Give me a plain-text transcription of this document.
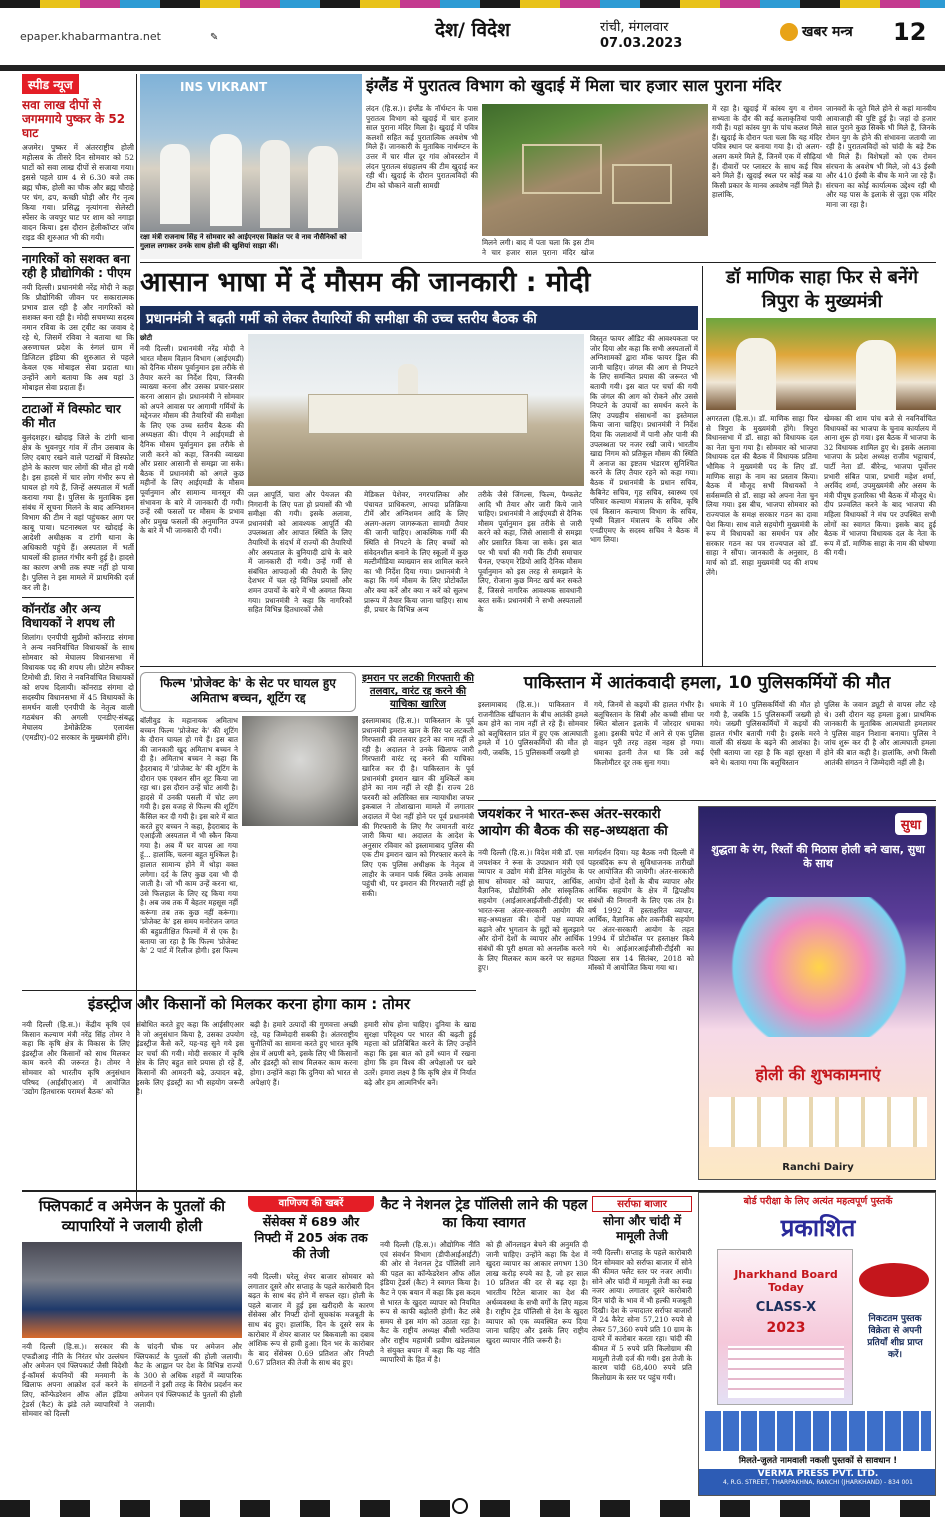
epaper.khabarmantra.net	✎	देश/ विदेश	रांची, मंगलवार
07.03.2023
खबर मन्त्र 12
स्पीड न्यूज
सवा लाख दीपों से जगमगाये पुष्कर के 52 घाट
अजमेर। पुष्कर में अंतरराष्ट्रीय होली महोत्सव के तीसरे दिन सोमवार को 52 घाटों को सवा लाख दीपों से सजाया गया। इससे पहले ग्राम 4 से 6.30 बजे तक ब्रह्म चौक, होली का चौक और ब्रह्म चौराहे पर चंग, ढप, कच्छी घोड़ी और गैर नृत्य किया गया। प्रसिद्ध नृत्यांगना सेलेस्टी स्पेंसर के जयपुर घाट पर शाम को नगाड़ा वादन किया। इस दौरान हेलीकॉप्टर जॉय राइड की शुरुआत भी की गयी।
नागरिकों को सशक्त बना रही है प्रौद्योगिकी : पीएम
नयी दिल्ली। प्रधानमंत्री नरेंद्र मोदी ने कहा कि प्रौद्योगिकी जीवन पर सकारात्मक प्रभाव डाल रही है और नागरिकों को सशक्त बना रही है। मोदी सचमच्या सदस्य नमान रविवा के उस ट्वीट का जवाब दे रहे थे, जिसमें रविवा ने बताया था कि अरुणाचल प्रदेश के रुंगलं ग्राम में डिजिटल इंडिया की शुरुआत से पहले केवल एक मोबाइल सेवा प्रदाता था। उन्होंने आगे बताया कि अब यहां 3 मोबाइल सेवा प्रदाता हैं।
टाटाओं में विस्फोट चार की मौत
बुलंदशहर। खोदाइ जिले के टांगी थाना क्षेत्र के भुवनपुर गांव में तीन उसबाव के लिए दबाए रखने वाले पटाखों में विस्फोट होने के कारण चार लोगों की मौत हो गयी है। इस हादसे में चार लोग गंभीर रूप से घायल हो गये हैं, जिन्हें अस्पताल में भर्ती कराया गया है। पुलिस के मुताबिक इस संबंध में सूचना मिलने के बाद अग्निशमन विभाग की टीम ने वहां पहुंचकर आग पर काबू पाया। घटनास्थल पर खोदाई के आदेशी अधीक्षक व टांगी थाना के अधिकारी पहुंचे हैं। अस्पताल में भर्ती घायलों की हालत गंभीर बनी हुई है। हादसे का कारण अभी तक स्पष्ट नहीं हो पाया है। पुलिस ने इस मामले में प्राथमिकी दर्ज कर ली है।
कॉनरॉड और अन्य विधायकों ने शपथ ली
शिलांग। एनपीपी सुप्रीमो कॉनराड संगमा ने अन्य नवनिर्वाचित विधायकों के साथ सोमवार को मेघालय विधानसभा में विधायक पद की शपथ ली। प्रोटेम स्पीकर टिमोथी डी. शिरा ने नवनिर्वाचित विधायकों को शपथ दिलायी। कॉनराड संगमा दो सदस्यीय विधानसभा में 45 विधायकों के समर्थन वाली एनपीपी के नेतृत्व वाली गठबंधन की अगली एनडीए-संबद्ध मेघालय डेमोक्रेटिक एलायंस (एमडीए)-02 सरकार के मुख्यमंत्री होंगे।
INS VIKRANT
रक्षा मंत्री राजनाथ सिंह ने सोमवार को आईएनएस विक्रांत पर वे नाव नौसैनिकों को गुलाल लगाकर उनके साथ होली की खुशियां साझा कीं।
इंग्लैंड में पुरातत्व विभाग को खुदाई में मिला चार हजार साल पुराना मंदिर
लंदन (हि.स.)। इंग्लैंड के नॉर्थम्टन के पास पुरातत्व विभाग को खुदाई में चार हजार साल पुराना मंदिर मिला है। खुदाई में पवित्र कलशों सहित कई पुरातात्विक अवशेष भी मिले हैं। जानकारी के मुताबिक नार्थम्प्टन के उत्तर में चार मील दूर गांव ओवरस्टोन में लंदन पुरातत्व संग्रहालय की टीम खुदाई कर रही थी। खुदाई के दौरान पुरातत्वविदों की टीम को चौकाने वाली सामग्री
मिलने लगी। बाद में पता चला कि इस टीम ने चार हजार साल पुराना मंदिर खोज
में रहा है। खुदाई में कांस्य युग व रोमन सभ्यता के दौर की कई कलाकृतियां पायी गयी हैं। यहां कांस्य युग के पांच कलश मिले हैं। खुदाई के दौरान पता चला कि यह मंदिर पवित्र स्थान पर बनाया गया है। दो अलग-अलग कमरे मिले हैं, जिनमें एक में सीढ़ियां हैं। दीवारों पर प्लास्टर के साथ कई चित्र बने मिले हैं। खुदाई स्थल पर कोई कब्र या किसी प्रकार के मानव अवशेष नहीं मिले हैं। हालांकि,
जानवरों के जूते मिले होने से कहां मानवीय आवाजाही की पुष्टि हुई है। जहां दो हजार साल पुराने कुछ सिक्के भी मिले हैं, जिनके रोमन युग के होने की संभावना जतायी जा रही है। पुरातत्वविदों को चांदी के बड़े टैंक भी मिले हैं। विशेषज्ञों को एक रोमन संरचना के अवशेष भी मिले, जो 43 ईस्वी और 410 ईस्वी के बीच के माने जा रहे हैं। संरचना का कोई कार्यात्मक उद्देश्य रही थी और यह पास के इलाके से जुड़ा एक मंदिर माना जा रहा है।
आसान भाषा में दें मौसम की जानकारी : मोदी
प्रधानमंत्री ने बढ़ती गर्मी को लेकर तैयारियों की समीक्षा की उच्च स्तरीय बैठक की
छोटी
नयी दिल्ली। प्रधानमंत्री नरेंद्र मोदी ने भारत मौसम विज्ञान विभाग (आईएमडी) को दैनिक मौसम पूर्वानुमान इस तरीके से तैयार करने का निर्देश दिया, जिनकी व्याख्या करना और उसका प्रचार-प्रसार करना आसान हो। प्रधानमंत्री ने सोमवार को अपने आवास पर आगामी गर्मियों के मद्देनजर मौसम की तैयारियों की समीक्षा के लिए एक उच्च स्तरीय बैठक की अध्यक्षता की। पीएम ने आईएमडी से दैनिक मौसम पूर्वानुमान इस तरीके से जारी करने को कहा, जिनकी व्याख्या और प्रसार आसानी से समझा जा सके। बैठक में प्रधानमंत्री को अगले कुछ महीनों के लिए आईएमडी के मौसम पूर्वानुमान और सामान्य मानसून की संभावना के बारे में जानकारी दी गयी। उन्हें रबी फसलों पर मौसम के प्रभाव और प्रमुख फसलों की अनुमानित उपज के बारे में भी जानकारी दी गयी।
जल आपूर्ति, चारा और पेयजल की निगरानी के लिए पता हो प्रयासों की भी समीक्षा की गयी। इसके अलावा, प्रधानमंत्री को आवश्यक आपूर्ति की उपलब्धता और आपात स्थिति के लिए तैयारियों के संदर्भ में राज्यों की तैयारियों और अस्पताल के बुनियादी ढांचे के बारे में जानकारी दी गयी। उन्हें गर्मी से संबंधित आपदाओं की तैयारी के लिए देशभर में चल रहे विभिन्न प्रयासों और शमन उपायों के बारे में भी अवगत किया गया। प्रधानमंत्री ने कहा कि नागरिकों सहित विभिन्न हितधारकों जैसे
मेडिकल पेशेवर, नगरपालिका और पंचायत प्राधिकरण, आपदा प्रतिक्रिया टीमें और अग्निशमन आदि के लिए अलग-अलग जागरूकता सामग्री तैयार की जानी चाहिए। आकस्मिक गर्मी की स्थिति से निपटने के लिए बच्चों को संवेदनशील बनाने के लिए स्कूलों में कुछ मल्टीमीडिया व्याख्यान सत्र शामिल करने का भी निर्देश दिया गया। प्रधानमंत्री ने कहा कि गर्म मौसम के लिए प्रोटोकॉल और क्या करें और क्या न करें को सुलभ प्रारूप में तैयार किया जाना चाहिए। साथ ही, प्रचार के विभिन्न अन्य
तरीके जैसे जिंगल्स, फिल्म, पैम्फलेट आदि भी तैयार और जारी किये जाने चाहिए। प्रधानमंत्री ने आईएमडी से दैनिक मौसम पूर्वानुमान इस तरीके से जारी करने को कहा, जिसे आसानी से समझा और प्रसारित किया जा सके। इस बात पर भी चर्चा की गयी कि टीवी समाचार चैनल, एफएम रेडियो आदि दैनिक मौसम पूर्वानुमान को इस तरह से समझाने के लिए, रोजाना कुछ मिनट खर्च कर सकते हैं, जिससे नागरिक आवश्यक सावधानी बरत सकें। प्रधानमंत्री ने सभी अस्पतालों के
विस्तृत फायर ऑडिट की आवश्यकता पर जोर दिया और कहा कि सभी अस्पतालों में अग्निशामकों द्वारा मॉक फायर ड्रिल की जानी चाहिए। जंगल की आग से निपटने के लिए समन्वित प्रयास की जरूरत भी बतायी गयी। इस बात पर चर्चा की गयी कि जंगल की आग को रोकने और उससे निपटने के उपायों का समर्थन करने के लिए उपग्रहीय संसाधनों का इस्तेमाल किया जाना चाहिए। प्रधानमंत्री ने निर्देश दिया कि जलाशयों में पानी और पानी की उपलब्धता पर नजर रखी जाये। भारतीय खाद्य निगम को प्रतिकूल मौसम की स्थिति में अनाज का इष्टतम भंडारण सुनिश्चित करने के लिए तैयार रहने को कहा गया। बैठक में प्रधानमंत्री के प्रधान सचिव, कैबिनेट सचिव, गृह सचिव, स्वास्थ्य एवं परिवार कल्याण मंत्रालय के सचिव, कृषि एवं किसान कल्याण विभाग के सचिव, पृथ्वी विज्ञान मंत्रालय के सचिव और एनडीएमए के सदस्य सचिव ने बैठक में भाग लिया।
डॉ माणिक साहा फिर से बनेंगे त्रिपुरा के मुख्यमंत्री
अगरतला (हि.स.)। डॉ. माणिक साहा फिर से त्रिपुरा के मुख्यमंत्री होंगे। त्रिपुरा विधानसभा में डॉ. साहा को विधायक दल का नेता चुना गया है। सोमवार को भाजपा विधायक दल की बैठक में विधायक प्रतिमा भौमिक ने मुख्यमंत्री पद के लिए डॉ. माणिक साहा के नाम का प्रस्ताव किया। बैठक में मौजूद सभी विधायकों ने सर्वसम्मति से डॉ. साहा को अपना नेता चुन लिया गया। इस बीच, भाजपा सोमवार को राज्यपाल के समक्ष सरकार गठन का दावा पेश किया। साथ वाले सहयोगी मुख्यमंत्री के रूप में विधायकों का समर्थन पत्र और सरकार गठन का पत्र राज्यपाल को डॉ. साहा ने सौंपा। जानकारी के अनुसार, 8 मार्च को डॉ. साहा मुख्यमंत्री पद की शपथ लेंगे।
खेमका की शाम पांच बजे से नवनिर्वाचित विधायकों का भाजपा के चुनाव कार्यालय में आना शुरू हो गया। इस बैठक में भाजपा के 32 विधायक शामिल हुए थे। इसके अलावा भाजपा के प्रदेश अध्यक्ष राजीव भट्टाचार्य, पार्टी नेता डॉ. बीरेन्द्र, भाजपा पूर्वोत्तर प्रभारी संबित पात्रा, प्रभारी महेश शर्मा, अरविंद शर्मा, उपमुख्यमंत्री और असम के मंत्री पीयूष हजारिका भी बैठक में मौजूद थे। दीप प्रज्वलित करने के बाद भाजपा की महिला विधायकों ने मंच पर उपस्थित सभी लोगों का स्वागत किया। इसके बाद हुई बैठक में भाजपा विधायक दल के नेता के रूप में डॉ. माणिक साहा के नाम की घोषणा की गयी।
फिल्म 'प्रोजेक्ट के' के सेट पर घायल हुए अमिताभ बच्चन, शूटिंग रद्द
बॉलीवुड के महानायक अमिताभ बच्चन फिल्म 'प्रोजेक्ट के' की शूटिंग के दौरान घायल हो गये हैं। इस बात की जानकारी खुद अमिताभ बच्चन ने दी है। अमिताभ बच्चन ने कहा कि हैदराबाद में 'प्रोजेक्ट के' की शूटिंग के दौरान एक एक्शन सीन शूट किया जा रहा था। इस दौरान उन्हें चोट आयी है। हादसे में उनकी पसली में चोट लग गयी है। इस वजह से फिल्म की शूटिंग कैंसिल कर दी गयी है। इस बारे में बात करते हुए बच्चन ने कहा, हैदराबाद के एआईजी अस्पताल में भी स्कैन किया गया है। अब मैं घर वापस आ गया हूं... हालांकि, चलना बहुत मुश्किल है। हालात सामान्य होने में थोड़ा वक्त लगेगा। दर्द के लिए कुछ दवा भी दी जाती है। जो भी काम उन्हें करना था, उसे फिलहाल के लिए रद्द किया गया है। अब जब तक मैं बेहतर महसूस नहीं करूंगा तब तक कुछ नहीं करूंगा। 'प्रोजेक्ट के' इस समय मनोरंजन जगत की बहुप्रतीक्षित फिल्मों में से एक है। बताया जा रहा है कि फिल्म 'प्रोजेक्ट के' 2 पार्ट में रिलीज होगी। इस फिल्म
इमरान पर लटकी गिरफ्तारी की तलवार, वारंट रद्द करने की याचिका खारिज
इस्लामाबाद (हि.स.)। पाकिस्तान के पूर्व प्रधानमंत्री इमरान खान के सिर पर लटकती गिरफ्तारी की तलवार हटने का नाम नहीं ले रही है। अदालत ने उनके खिलाफ जारी गिरफ्तारी वारंट रद्द करने की याचिका खारिज कर दी है। पाकिस्तान के पूर्व प्रधानमंत्री इमरान खान की मुश्किलें कम होने का नाम नहीं ले रही हैं। राज्य 28 फरवरी को अतिरिक्त सत्र न्यायाधीश जफर इकबाल ने तोशाखाना मामले में लगातार अदालत में पेश नहीं होने पर पूर्व प्रधानमंत्री की गिरफ्तारी के लिए गैर जमानती वारंट जारी किया था। अदालत के आदेश के अनुसार रविवार को इस्लामाबाद पुलिस की एक टीम इमरान खान को गिरफ्तार करने के लिए एक पुलिस अधीक्षक के नेतृत्व में लाहौर के जमान पार्क स्थित उनके आवास पहुंची थी, पर इमरान की गिरफ्तारी नहीं हो सकी।
पाकिस्तान में आतंकवादी हमला, 10 पुलिसकर्मियों की मौत
इस्लामाबाद (हि.स.)। पाकिस्तान में राजनीतिक खींचतान के बीच आतंकी हमले कम होने का नाम नहीं ले रहे हैं। सोमवार को बलूचिस्तान प्रांत में हुए एक आत्मघाती हमले में 10 पुलिसकर्मियों की मौत हो गयी, जबकि, 15 पुलिसकर्मी जख्मी हो
गये, जिनमें से कइयों की हालत गंभीर है। बलूचिस्तान के सिबी और कच्ची सीमा पर स्थित बोलान इलाके में जोरदार धमाका हुआ। इसकी चपेट में आने से एक पुलिस वाहन पूरी तरह तहस नहस हो गया। धमाका इतनी तेज था कि उसे कई किलोमीटर दूर तक सुना गया।
धमाके में 10 पुलिसकर्मियों की मौत हो गयी है, जबकि 15 पुलिसकर्मी जख्मी हो गये। जख्मी पुलिसकर्मियों में कइयों की हालत गंभीर बतायी गयी है। इसके मरने वालों की संख्या के बढ़ने की आशंका है। ऐसी बताया जा रहा है कि वहां सुरक्षा में बने थे। बताया गया कि बलूचिस्तान
पुलिस के जवान ड्यूटी से वापस लौट रहे थे। उसी दौरान यह हमला हुआ। प्राथमिक जानकारी के मुताबिक आत्मघाती हमलावर ने पुलिस वाहन निशाना बनाया। पुलिस ने जांच शुरू कर दी है और आत्मघाती हमला होने की बात कही है। हालांकि, अभी किसी आतंकी संगठन ने जिम्मेदारी नहीं ली है।
जयशंकर ने भारत-रूस अंतर-सरकारी आयोग की बैठक की सह-अध्यक्षता की
नयी दिल्ली (हि.स.)। विदेश मंत्री डॉ. एस जयशंकर ने रूस के उपप्रधान मंत्री एवं व्यापार व उद्योग मंत्री डेनिस मांतुरोव के साथ सोमवार को व्यापार, आर्थिक, वैज्ञानिक, प्रौद्योगिकी और सांस्कृतिक सहयोग (आईआरआईजीसी-टीईसी) पर भारत-रूस अंतर-सरकारी आयोग की सह-अध्यक्षता की। दोनों पक्ष व्यापार बढ़ाने और भुगतान के मुद्दों को सुलझाने और दोनों देशों के व्यापार और आर्थिक संबंधों की पूरी क्षमता को अनलॉक करने के लिए मिलकर काम करने पर सहमत हुए।
मार्गदर्शन दिया। यह बैठक नयी दिल्ली में पहरबंदिक रूप से सुविधाजनक तारीखों पर आयोजित की जायेगी। अंतर-सरकारी आयोग दोनों देशों के बीच व्यापार और आर्थिक सहयोग के क्षेत्र में द्विपक्षीय संबंधों की निगरानी के लिए एक तंत्र है। वर्ष 1992 में हस्ताक्षरित व्यापार, आर्थिक, वैज्ञानिक और तकनीकी सहयोग पर अंतर-सरकारी आयोग के तहत 1994 में प्रोटोकॉल पर हस्ताक्षर किये गये थे। आईआरआईजीसी-टीईसी का पिछला सत्र 14 सितंबर, 2018 को मॉस्को में आयोजित किया गया था।
सुधा
शुद्धता के रंग, रिश्तों की मिठास होली बने खास, सुधा के साथ
होली की शुभकामनाएं
Ranchi Dairy
इंडस्ट्रीज और किसानों को मिलकर करना होगा काम : तोमर
नयी दिल्ली (हि.स.)। केंद्रीय कृषि एवं किसान कल्याण मंत्री नरेंद्र सिंह तोमर ने कहा कि कृषि क्षेत्र के विकास के लिए इंडस्ट्रीज और किसानों को साथ मिलकर काम करने की जरूरत है। तोमर ने सोमवार को भारतीय कृषि अनुसंधान परिषद (आईसीएआर) में आयोजित 'उद्योग हितधारक परामर्श बैठक' को
संबोधित करते हुए कहा कि आईसीएआर ने जो अनुसंधान किया है, उसका उपयोग इंडस्ट्रीज कैसे करें, यह-यह सुने गये इस पर चर्चा की गयी। मोदी सरकार में कृषि क्षेत्र के लिए बहुत सारे प्रयास हो रहे हैं, किसानों की आमदनी बढ़े, उत्पादन बढ़े, इसके लिए इंडस्ट्री का भी सहयोग जरूरी है।
बढ़ी है। हमारे उत्पादों की गुणवत्ता अच्छी रहे, यह जिम्मेदारी सबकी है। अंतरराष्ट्रीय चुनौतियों का सामना करते हुए भारत कृषि क्षेत्र में अग्रणी बने, इसके लिए भी किसानों और इंडस्ट्री को साथ मिलकर काम करना होगा। उन्होंने कहा कि दुनिया को भारत से अपेक्षाएं हैं।
हमारी सोच होना चाहिए। दुनिया के खाद्य सुरक्षा परिदृश्य पर भारत की बढ़ती हुई महत्ता को प्रतिबिंबित करने के लिए उन्होंने कहा कि इस बात को हमें ध्यान में रखना होगा कि हम विश्व की अपेक्षाओं पर खरे उतरें। हमारा लक्ष्य है कि कृषि क्षेत्र में निर्यात बढ़े और हम आत्मनिर्भर बनें।
फ्लिपकार्ट व अमेजन के पुतलों की व्यापारियों ने जलायी होली
नयी दिल्ली (हि.स.)। सरकार की एफडीआइ नीति के निरंतर घोर उल्लंघन और अमेजन एवं फ्लिपकार्ट जैसी विदेशी ई-कॉमर्स कंपनियों की मनमानी के खिलाफ अपना आक्रोश दर्ज करने के लिए, कॉन्फेडरेशन ऑफ ऑल इंडिया ट्रेडर्स (कैट) के झंडे तले व्यापारियों ने सोमवार को दिल्ली
के चांदनी चौक पर अमेजन और फ्लिपकार्ट के पुतलों की होली जलायी। कैट के आह्वान पर देश के विभिन्न राज्यों के 300 से अधिक शहरों में व्यापारिक संगठनों ने इसी तरह के विरोध प्रदर्शन कर अमेजन एवं फ्लिपकार्ट के पुतलों की होली जलायी।
वाणिज्य की खबरें
सेंसेक्स में 689 और निफ्टी में 205 अंक तक की तेजी
नयी दिल्ली। घरेलू शेयर बाजार सोमवार को लगातार दूसरे और सप्ताह के पहले कारोबारी दिन बढ़त के साथ बंद होने में सफल रहा। होली के पहले बाजार में हुई इस खरीदारी के कारण सेंसेक्स और निफ्टी दोनों सूचकांक मजबूती के साथ बंद हुए। हालांकि, दिन के दूसरे सत्र के कारोबार में शेयर बाजार पर बिकवाली का दबाव आंशिक रूप से हावी हुआ। दिन भर के कारोबार के बाद सेंसेक्स 0.69 प्रतिशत और निफ्टी 0.67 प्रतिशत की तेजी के साथ बंद हुए।
कैट ने नेशनल ट्रेड पॉलिसी लाने की पहल का किया स्वागत
नयी दिल्ली (हि.स.)। औद्योगिक नीति एवं संवर्धन विभाग (डीपीआईआईटी) की ओर से नेशनल ट्रेड पॉलिसी लाने की पहल का कॉन्फेडरेशन ऑफ ऑल इंडिया ट्रेडर्स (कैट) ने स्वागत किया है। कैट ने एक बयान में कहा कि इस कदम से भारत के खुदरा व्यापार को नियमित रूप से काफी बढ़ोतरी होगी। कैट लंबे समय से इस मांग को उठाता रहा है। कैट के राष्ट्रीय अध्यक्ष बीसी भरतिया और राष्ट्रीय महामंत्री प्रवीण खंडेलवाल ने संयुक्त बयान में कहा कि यह नीति व्यापारियों के हित में है।
को ही ऑनलाइन बेचने की अनुमति दी जानी चाहिए। उन्होंने कहा कि देश में खुदरा व्यापार का आकार लगभग 130 लाख करोड़ रुपये का है, जो हर साल 10 प्रतिशत की दर से बढ़ रहा है। भारतीय रिटेल बाजार का देश की अर्थव्यवस्था के सभी वर्गों के लिए महत्व है। राष्ट्रीय ट्रेड पॉलिसी से देश के खुदरा व्यापार को एक व्यवस्थित रूप दिया जाना चाहिए और इसके लिए राष्ट्रीय खुदरा व्यापार नीति जरूरी है।
सर्राफा बाजार
सोना और चांदी में मामूली तेजी
नयी दिल्ली। सप्ताह के पहले कारोबारी दिन सोमवार को सर्राफा बाजार में सोने की कीमत फ्लैट स्तर पर नजर आयी। सोने और चांदी में मामूली तेजी का रुख नजर आया। लगातार दूसरे कारोबारी दिन चांदी के भाव में भी हल्की मजबूती दिखी। देश के ज्यादातर सर्राफा बाजारों में 24 कैरेट सोना 57,210 रुपये से लेकर 57,360 रुपये प्रति 10 ग्राम के दायरे में कारोबार करता रहा। चांदी की कीमत में 5 रुपये प्रति किलोग्राम की मामूली तेजी दर्ज की गयी। इस तेजी के कारण चांदी 68,400 रुपये प्रति किलोग्राम के स्तर पर पहुंच गयी।
बोर्ड परीक्षा के लिए अत्यंत महत्वपूर्ण पुस्तकें
प्रकाशित
Jharkhand Board Today
CLASS-X
2023
निकटतम पुस्तक विक्रेता से अपनी प्रतियाँ शीघ्र प्राप्त करें।
मिलते-जुलते नामवाली नकली पुस्तकों से सावधान !
VERMA PRESS PVT. LTD.
4, R.G. STREET, THARPAKHNA, RANCHI (JHARKHAND) - 834 001
